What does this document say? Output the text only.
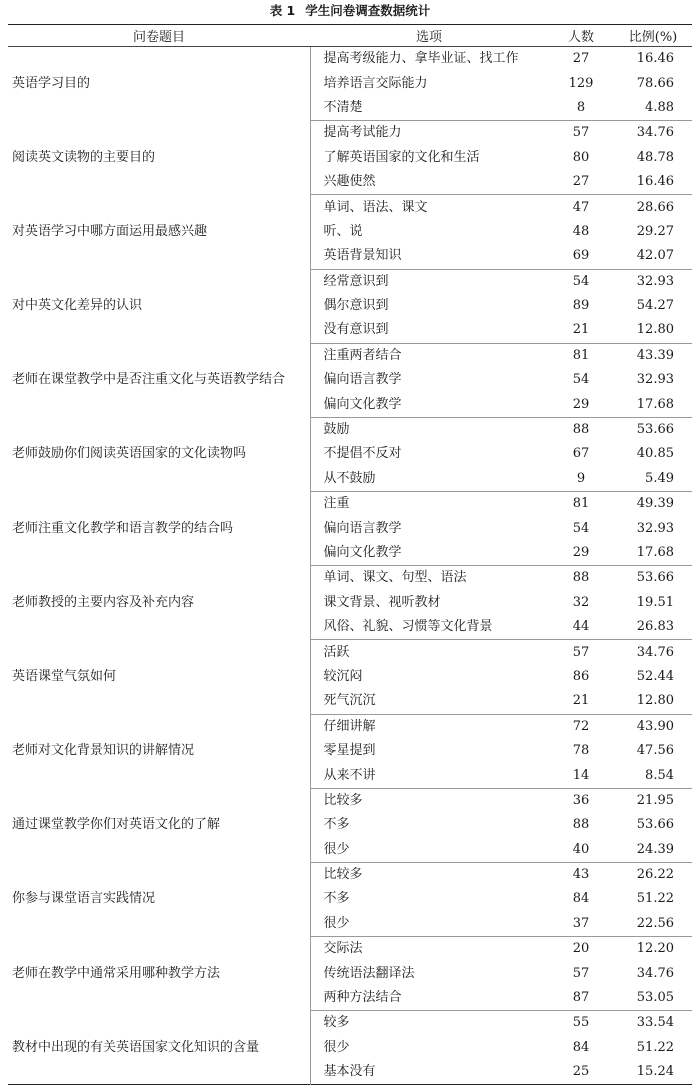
表 1 学生问卷调查数据统计
问卷题目	选项	人数	比例(%)
英语学习目的	提高考级能力、拿毕业证、找工作	27	16.46
	培养语言交际能力	129	78.66
	不清楚	8	4.88
阅读英文读物的主要目的	提高考试能力	57	34.76
	了解英语国家的文化和生活	80	48.78
	兴趣使然	27	16.46
对英语学习中哪方面运用最感兴趣	单词、语法、课文	47	28.66
	听、说	48	29.27
	英语背景知识	69	42.07
对中英文化差异的认识	经常意识到	54	32.93
	偶尔意识到	89	54.27
	没有意识到	21	12.80
老师在课堂教学中是否注重文化与英语教学结合	注重两者结合	81	43.39
	偏向语言教学	54	32.93
	偏向文化教学	29	17.68
老师鼓励你们阅读英语国家的文化读物吗	鼓励	88	53.66
	不提倡不反对	67	40.85
	从不鼓励	9	5.49
老师注重文化教学和语言教学的结合吗	注重	81	49.39
	偏向语言教学	54	32.93
	偏向文化教学	29	17.68
老师教授的主要内容及补充内容	单词、课文、句型、语法	88	53.66
	课文背景、视听教材	32	19.51
	风俗、礼貌、习惯等文化背景	44	26.83
英语课堂气氛如何	活跃	57	34.76
	较沉闷	86	52.44
	死气沉沉	21	12.80
老师对文化背景知识的讲解情况	仔细讲解	72	43.90
	零星提到	78	47.56
	从来不讲	14	8.54
通过课堂教学你们对英语文化的了解	比较多	36	21.95
	不多	88	53.66
	很少	40	24.39
你参与课堂语言实践情况	比较多	43	26.22
	不多	84	51.22
	很少	37	22.56
老师在教学中通常采用哪种教学方法	交际法	20	12.20
	传统语法翻译法	57	34.76
	两种方法结合	87	53.05
教材中出现的有关英语国家文化知识的含量	较多	55	33.54
	很少	84	51.22
	基本没有	25	15.24
